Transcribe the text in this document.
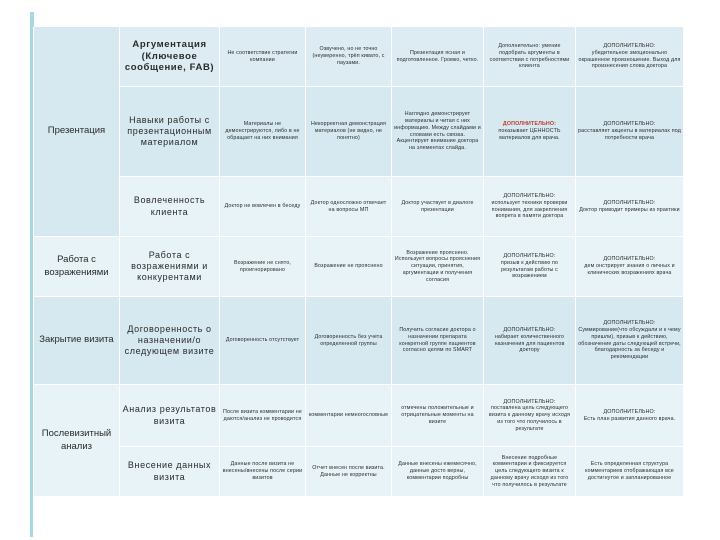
Презентация
Работа с возражениями
Закрытие визита
Послевизитный анализ
Аргументация (Ключевое сообщение, FAB)
Не соответствие стратегии компании
Озвучено, но не точно (неуверенно, трёп кивато, с паузами.
Презентация ясная и подготовленное. Громко, четко.
Дополнительно: умение подобрать аргументы в соответствии с потребностями клиента
ДОПОЛНИТЕЛЬНО:
убедительное эмоционально окрашенное произношение. Выход для произнесения слова доктора
Навыки работы с презентационным материалом
Материалы не демонстрируются, либо в не обращает на них внимания
Некорректная демонстрация материалов (не видно, не понятно)
Наглядно демонстрирует материалы и читая с них информацию. Между слайдами и словами есть связка. Акцентирует внимание доктора на элементах слайда.
ДОПОЛНИТЕЛЬНО:
показывает ЦЕННОСТЬ материалов для врача.
ДОПОЛНИТЕЛЬНО:
расставляет акценты в материалах под потребности врача
Вовлеченность клиента
Доктор не вовлечен в беседу
Доктор односложно отвечает на вопросы МП
Доктор участвует в диалоге презентации
ДОПОЛНИТЕЛЬНО:
использует техники проверки понимания, для закрепления вопрета в памяти доктора
ДОПОЛНИТЕЛЬНО:
Доктор приводит примеры из практики
Работа с возражениями и конкурентами
Возражение не снято, проигнорировано
Возражение не прояснено
Возражение прояснено. Использует вопросы прояснения ситуации, принятия, аргументации и получения согласия
ДОПОЛНИТЕЛЬНО:
призыв к действию по результатам работы с возражением
ДОПОЛНИТЕЛЬНО:
дем онстрирует знания о личных и клинических возражениях врача
Договоренность о назначении/о следующем визите
Договоренность отсутствует
Договоренность без учета определенной группы
Получить согласие доктора о назначении препарата конкретной группе пациентов согласно целям по SMART
ДОПОЛНИТЕЛЬНО:
набирает количественного назначения для пациентов доктору
ДОПОЛНИТЕЛЬНО:
Суммирование(что обсуждали и к чему пришли), призыв к действию, обозначение даты следующей встречи, благодарность за беседу и рекомендации
Анализ результатов визита
После визита комментарии не даются/анализ не проводится
комментарии немногословные
отмечены положительные и отрицательные моменты на визите
ДОПОЛНИТЕЛЬНО:
поставлена цель следующего визита к данному врачу исходя из того что получилось в результате
ДОПОЛНИТЕЛЬНО:
Есть план развития данного врача.
Внесение данных визита
Данные после визита не внесены/внесены после серии визитов
Отчет внесен после визита. Данные не корректны
Данные внесены ежемесячно, данные досто верны, комментарии подробны
Внесение подробные комментарии и фиксируется цель следующего визита к данному врачу исходя из того что получилось в результате
Есть определенная структура комментариев отображающая все достигнутое и запланированное
